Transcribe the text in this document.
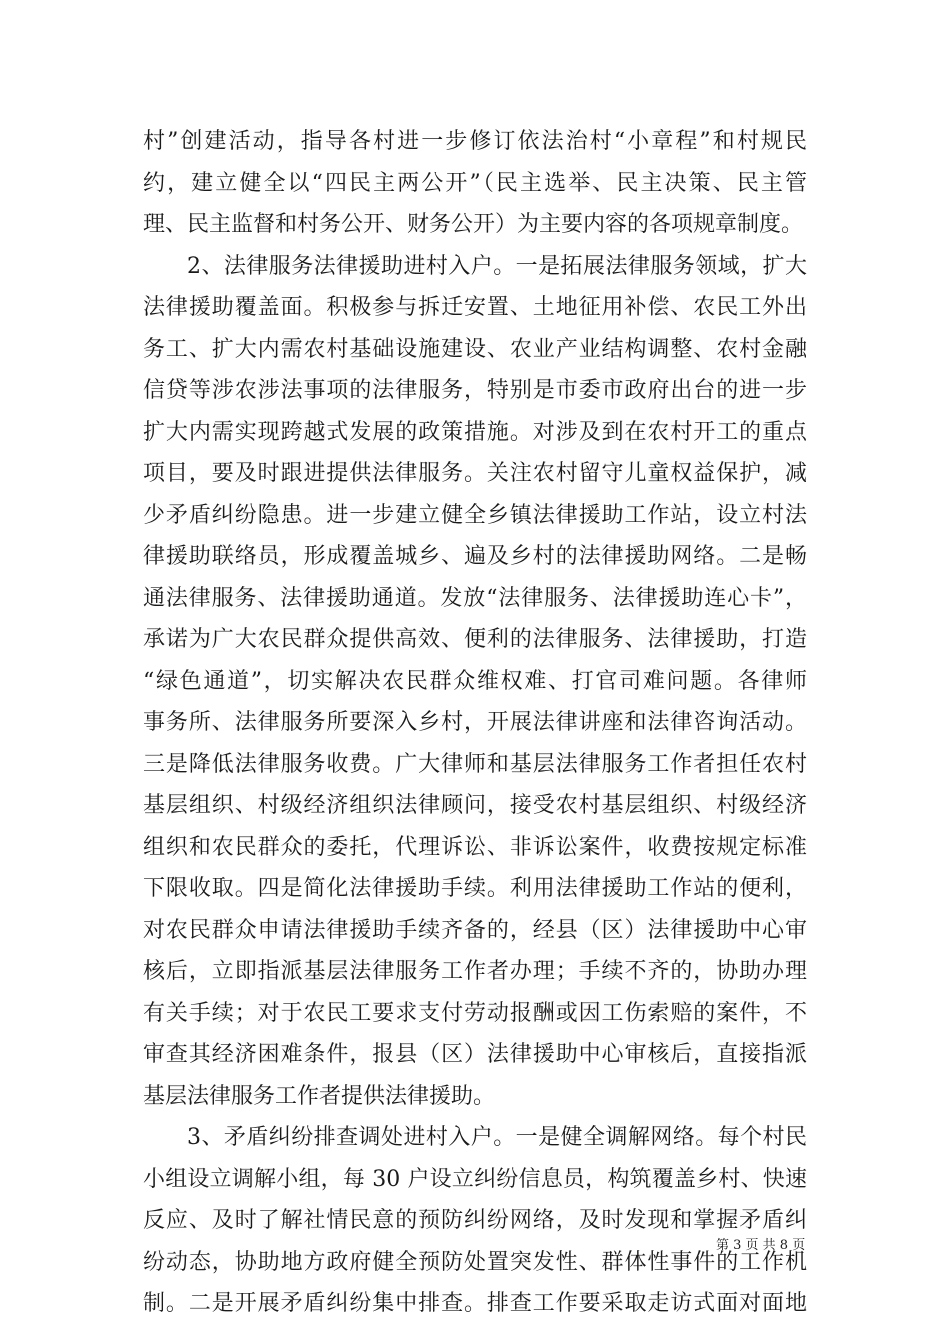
村”创建活动，指导各村进一步修订依法治村“小章程”和村规民
约，建立健全以“四民主两公开”（民主选举、民主决策、民主管
理、民主监督和村务公开、财务公开）为主要内容的各项规章制度。
2、法律服务法律援助进村入户。一是拓展法律服务领域，扩大
法律援助覆盖面。积极参与拆迁安置、土地征用补偿、农民工外出
务工、扩大内需农村基础设施建设、农业产业结构调整、农村金融
信贷等涉农涉法事项的法律服务，特别是市委市政府出台的进一步
扩大内需实现跨越式发展的政策措施。对涉及到在农村开工的重点
项目，要及时跟进提供法律服务。关注农村留守儿童权益保护，减
少矛盾纠纷隐患。进一步建立健全乡镇法律援助工作站，设立村法
律援助联络员，形成覆盖城乡、遍及乡村的法律援助网络。二是畅
通法律服务、法律援助通道。发放“法律服务、法律援助连心卡”，
承诺为广大农民群众提供高效、便利的法律服务、法律援助，打造
“绿色通道”，切实解决农民群众维权难、打官司难问题。各律师
事务所、法律服务所要深入乡村，开展法律讲座和法律咨询活动。
三是降低法律服务收费。广大律师和基层法律服务工作者担任农村
基层组织、村级经济组织法律顾问，接受农村基层组织、村级经济
组织和农民群众的委托，代理诉讼、非诉讼案件，收费按规定标准
下限收取。四是简化法律援助手续。利用法律援助工作站的便利，
对农民群众申请法律援助手续齐备的，经县（区）法律援助中心审
核后，立即指派基层法律服务工作者办理；手续不齐的，协助办理
有关手续；对于农民工要求支付劳动报酬或因工伤索赔的案件，不
审查其经济困难条件，报县（区）法律援助中心审核后，直接指派
基层法律服务工作者提供法律援助。
3、矛盾纠纷排查调处进村入户。一是健全调解网络。每个村民
小组设立调解小组，每 30 户设立纠纷信息员，构筑覆盖乡村、快速
反应、及时了解社情民意的预防纠纷网络，及时发现和掌握矛盾纠
纷动态，协助地方政府健全预防处置突发性、群体性事件的工作机
制。二是开展矛盾纠纷集中排查。排查工作要采取走访式面对面地
第 3 页 共 8 页
